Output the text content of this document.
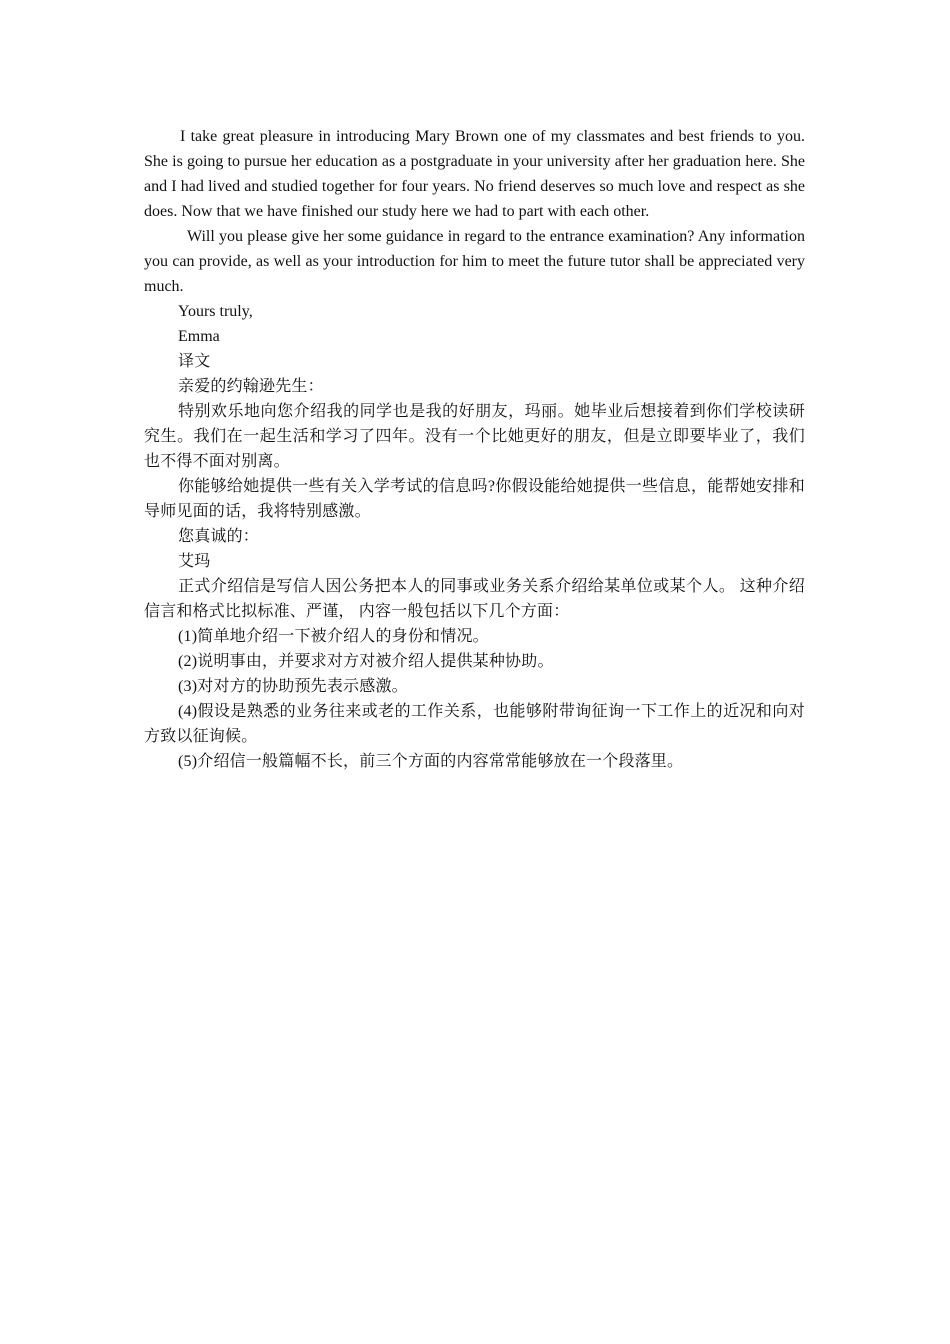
I take great pleasure in introducing Mary Brown one of my classmates and best friends to you. She is going to pursue her education as a postgraduate in your university after her graduation here. She and I had lived and studied together for four years. No friend deserves so much love and respect as she does. Now that we have finished our study here we had to part with each other.

Will you please give her some guidance in regard to the entrance examination? Any information you can provide, as well as your introduction for him to meet the future tutor shall be appreciated very much.

Yours truly,

Emma

译文

亲爱的约翰逊先生：

特别欢乐地向您介绍我的同学也是我的好朋友，玛丽。她毕业后想接着到你们学校读研究生。我们在一起生活和学习了四年。没有一个比她更好的朋友，但是立即要毕业了，我们也不得不面对别离。

你能够给她提供一些有关入学考试的信息吗?你假设能给她提供一些信息，能帮她安排和导师见面的话，我将特别感激。

您真诚的：

艾玛

正式介绍信是写信人因公务把本人的同事或业务关系介绍给某单位或某个人。 这种介绍信言和格式比拟标准、严谨， 内容一般包括以下几个方面：

(1)简单地介绍一下被介绍人的身份和情况。

(2)说明事由，并要求对方对被介绍人提供某种协助。

(3)对对方的协助预先表示感激。

(4)假设是熟悉的业务往来或老的工作关系，也能够附带询征询一下工作上的近况和向对方致以征询候。

(5)介绍信一般篇幅不长，前三个方面的内容常常能够放在一个段落里。
